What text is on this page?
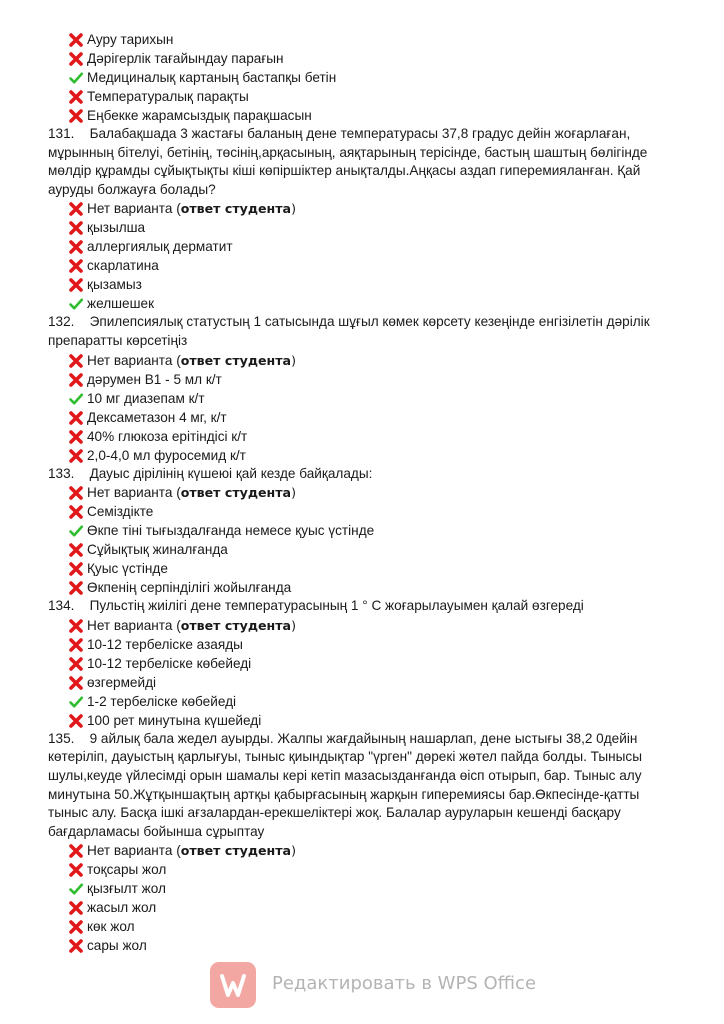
Ауру тарихын
Дәрігерлік тағайындау парағын
Медициналық картаның бастапқы бетін
Температуралық парақты
Еңбекке жарамсыздық парақшасын
131.    Балабақшада 3 жастағы баланың дене температурасы 37,8 градус дейін жоғарлаған, мұрынның бітелуі, бетінің, төсінің,арқасының, аяқтарының терісінде, бастың шаштың бөлігінде мөлдір құрамды сұйықтықты кіші көпіршіктер анықталды.Аңқасы аздап гиперемияланған. Қай ауруды болжауға болады?
Нет варианта (ответ студента)
қызылша
аллергиялық дерматит
скарлатина
қызамыз
желшешек
132.    Эпилепсиялық статустың 1 сатысында шұғыл көмек көрсету кезеңінде енгізілетін дәрілік препаратты көрсетіңіз
Нет варианта (ответ студента)
дәрумен В1 - 5 мл к/т
10 мг диазепам к/т
Дексаметазон 4 мг, к/т
40% глюкоза ерітіндісі к/т
2,0-4,0 мл фуросемид к/т
133.    Дауыс дірілінің күшеюі қай кезде байқалады:
Нет варианта (ответ студента)
Семіздікте
Өкпе тіні тығыздалғанда немесе қуыс үстінде
Сұйықтық жиналғанда
Қуыс үстінде
Өкпенің серпінділігі жойылғанда
134.    Пульстің жиілігі дене температурасының 1 ° С жоғарылауымен қалай өзгереді
Нет варианта (ответ студента)
10-12 тербеліске азаяды
10-12 тербеліске көбейеді
өзгермейді
1-2 тербеліске көбейеді
100 рет минутына күшейеді
135.    9 айлық бала жедел ауырды. Жалпы жағдайының нашарлап, дене ыстығы 38,2 0дейін көтеріліп, дауыстың қарлығуы, тыныс қиындықтар "үрген" дөрекі жөтел пайда болды. Тынысы шулы,кеуде үйлесімді орын шамалы кері кетіп мазасызданғанда өісп отырып, бар. Тыныс алу минутына 50.Жұтқыншақтың артқы қабырғасының жарқын гиперемиясы бар.Өкпесінде-қатты тыныс алу. Басқа ішкі ағзалардан-ерекшеліктері жоқ. Балалар ауруларын кешенді басқару бағдарламасы бойынша сұрыптау
Нет варианта (ответ студента)
тоқсары жол
қызғылт жол
жасыл жол
көк жол
сары жол
Редактировать в WPS Office
